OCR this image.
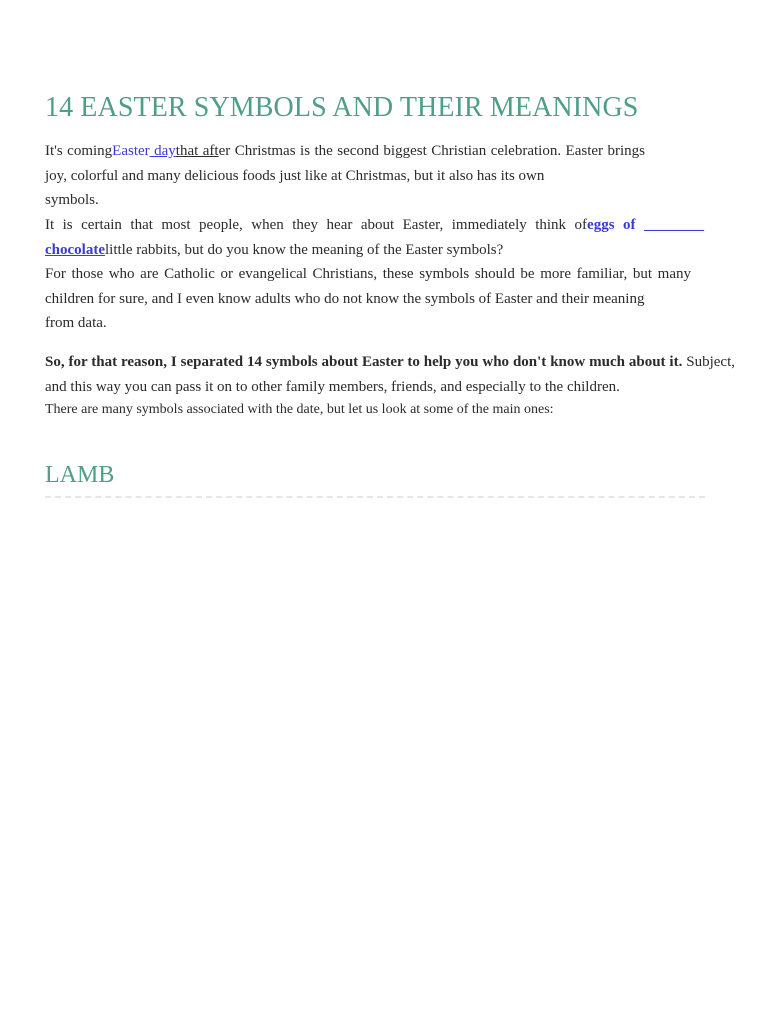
14 EASTER SYMBOLS AND THEIR MEANINGS

It's comingEaster daythat after Christmas is the second biggest Christian celebration. Easter brings joy, colorful and many delicious foods just like at Christmas, but it also has its own
symbols.

It is certain that most people, when they hear about Easter, immediately think ofeggs of ________ chocolatelittle rabbits, but do you know the meaning of the Easter symbols?

For those who are Catholic or evangelical Christians, these symbols should be more familiar, but many children for sure, and I even know adults who do not know the symbols of Easter and their meaning
from data.

So, for that reason, I separated 14 symbols about Easter to help you who don't know much about it. Subject, and this way you can pass it on to other family members, friends, and especially to the children.

There are many symbols associated with the date, but let us look at some of the main ones:

LAMB
